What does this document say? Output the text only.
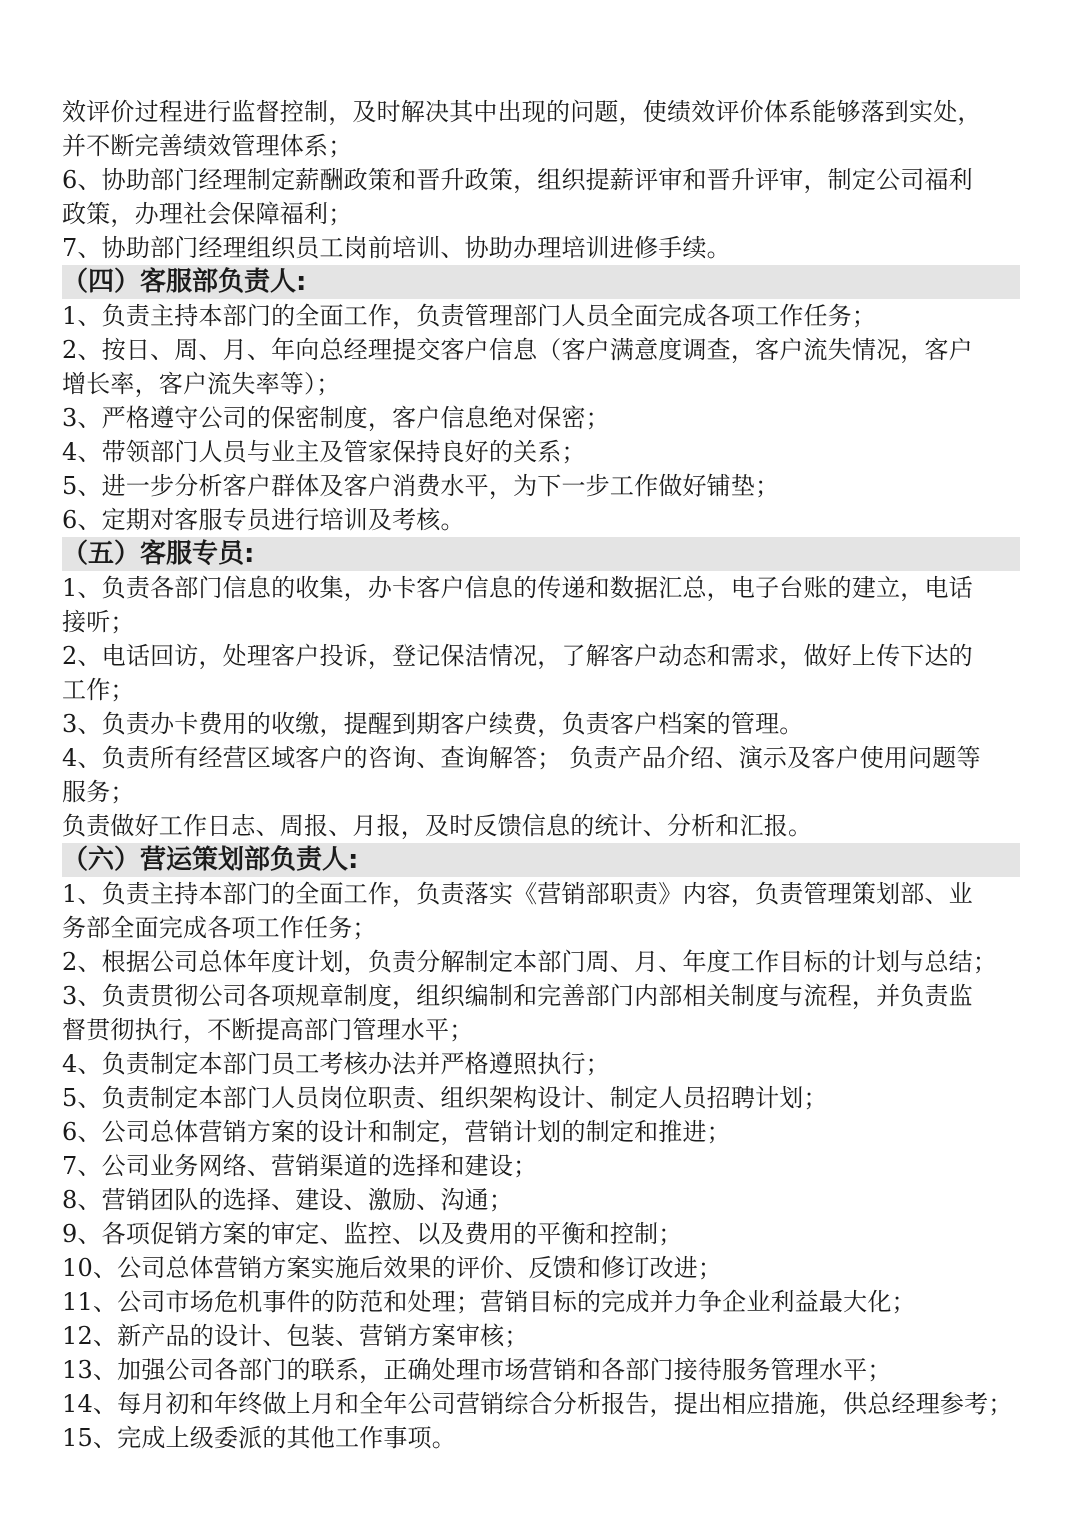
效评价过程进行监督控制，及时解决其中出现的问题，使绩效评价体系能够落到实处，
并不断完善绩效管理体系；
6、协助部门经理制定薪酬政策和晋升政策，组织提薪评审和晋升评审，制定公司福利
政策，办理社会保障福利；
7、协助部门经理组织员工岗前培训、协助办理培训进修手续。
（四）客服部负责人:
1、负责主持本部门的全面工作，负责管理部门人员全面完成各项工作任务；
2、按日、周、月、年向总经理提交客户信息（客户满意度调查，客户流失情况，客户
增长率，客户流失率等）；
3、严格遵守公司的保密制度，客户信息绝对保密；
4、带领部门人员与业主及管家保持良好的关系；
5、进一步分析客户群体及客户消费水平，为下一步工作做好铺垫；
6、定期对客服专员进行培训及考核。
（五）客服专员:
1、负责各部门信息的收集，办卡客户信息的传递和数据汇总，电子台账的建立，电话
接听；
2、电话回访，处理客户投诉，登记保洁情况，了解客户动态和需求，做好上传下达的
工作；
3、负责办卡费用的收缴，提醒到期客户续费，负责客户档案的管理。
4、负责所有经营区域客户的咨询、查询解答； 负责产品介绍、演示及客户使用问题等
服务；
负责做好工作日志、周报、月报，及时反馈信息的统计、分析和汇报。
（六）营运策划部负责人:
1、负责主持本部门的全面工作，负责落实《营销部职责》内容，负责管理策划部、业
务部全面完成各项工作任务；
2、根据公司总体年度计划，负责分解制定本部门周、月、年度工作目标的计划与总结；
3、负责贯彻公司各项规章制度，组织编制和完善部门内部相关制度与流程，并负责监
督贯彻执行，不断提高部门管理水平；
4、负责制定本部门员工考核办法并严格遵照执行；
5、负责制定本部门人员岗位职责、组织架构设计、制定人员招聘计划；
6、公司总体营销方案的设计和制定，营销计划的制定和推进；
7、公司业务网络、营销渠道的选择和建设；
8、营销团队的选择、建设、激励、沟通；
9、各项促销方案的审定、监控、以及费用的平衡和控制；
10、公司总体营销方案实施后效果的评价、反馈和修订改进；
11、公司市场危机事件的防范和处理；营销目标的完成并力争企业利益最大化；
12、新产品的设计、包装、营销方案审核；
13、加强公司各部门的联系，正确处理市场营销和各部门接待服务管理水平；
14、每月初和年终做上月和全年公司营销综合分析报告，提出相应措施，供总经理参考；
15、完成上级委派的其他工作事项。
